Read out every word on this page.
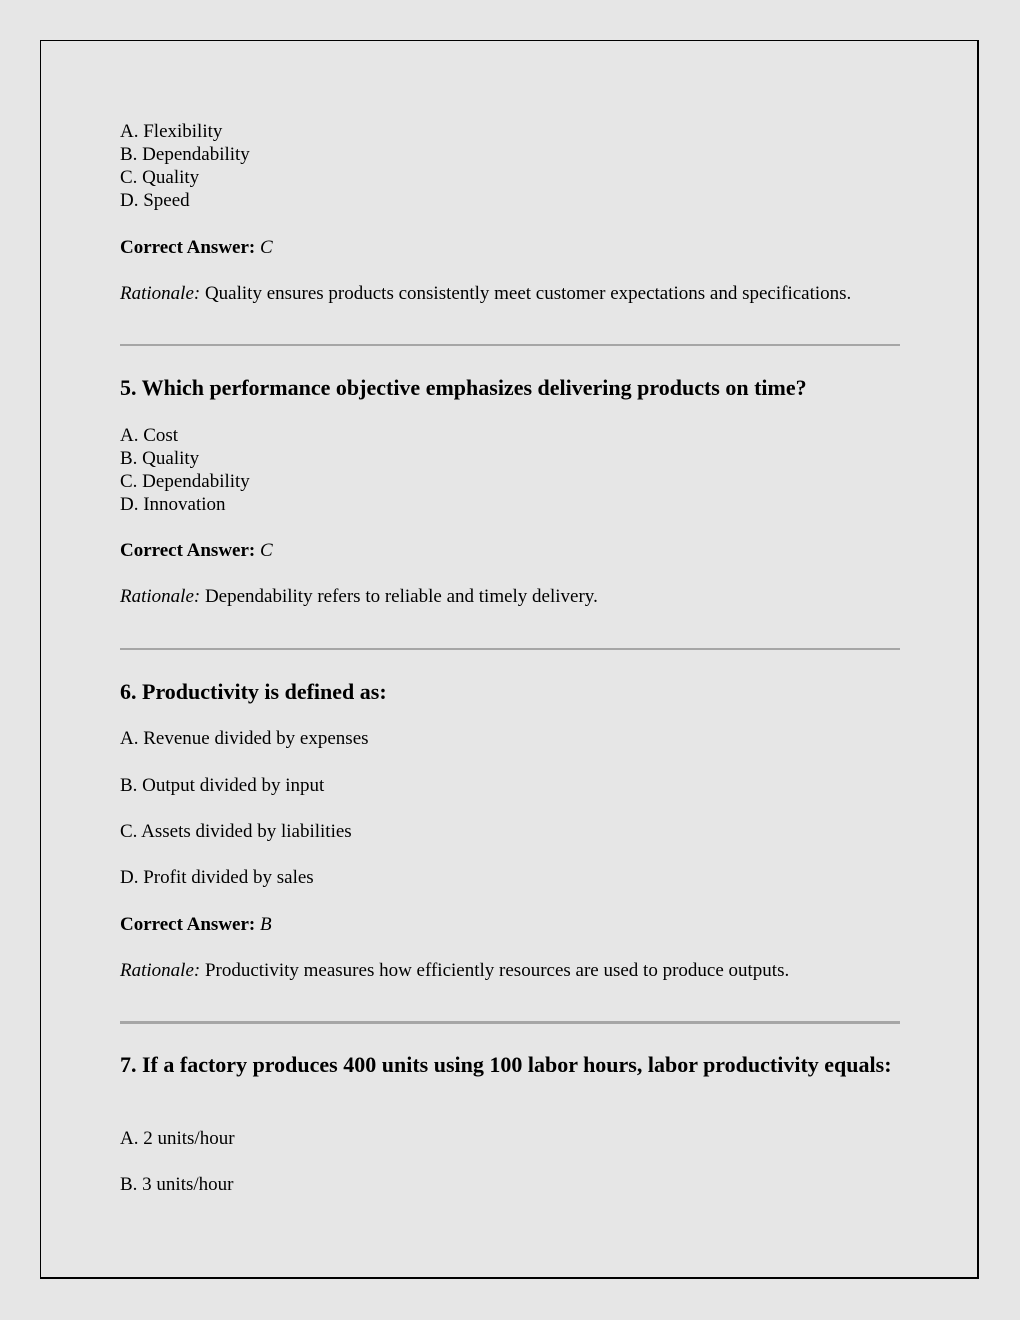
A. Flexibility
B. Dependability
C. Quality
D. Speed
Correct Answer: C
Rationale: Quality ensures products consistently meet customer expectations and specifications.
5. Which performance objective emphasizes delivering products on time?
A. Cost
B. Quality
C. Dependability
D. Innovation
Correct Answer: C
Rationale: Dependability refers to reliable and timely delivery.
6. Productivity is defined as:
A. Revenue divided by expenses
B. Output divided by input
C. Assets divided by liabilities
D. Profit divided by sales
Correct Answer: B
Rationale: Productivity measures how efficiently resources are used to produce outputs.
7. If a factory produces 400 units using 100 labor hours, labor productivity equals:
A. 2 units/hour
B. 3 units/hour
